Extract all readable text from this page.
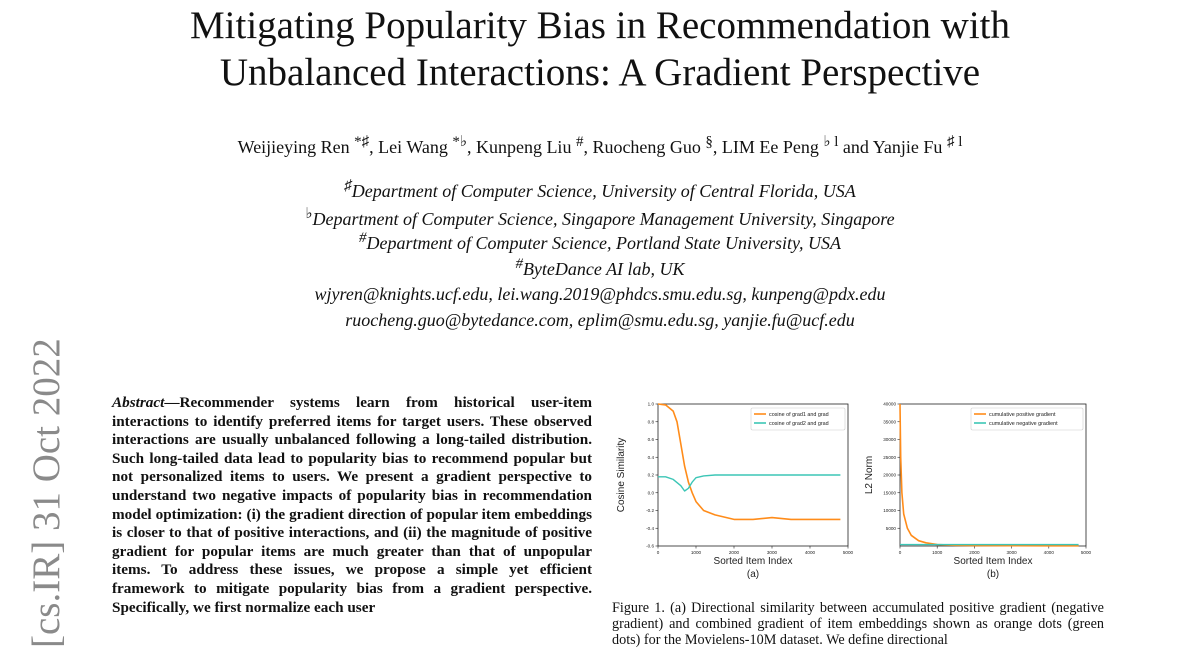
Mitigating Popularity Bias in Recommendation with
Unbalanced Interactions: A Gradient Perspective
Weijieying Ren *♯, Lei Wang *♭, Kunpeng Liu #, Ruocheng Guo §, LIM Ee Peng $^{♭ l}$ and Yanjie Fu $^{♯ l}$
♯Department of Computer Science, University of Central Florida, USA
♭Department of Computer Science, Singapore Management University, Singapore
#Department of Computer Science, Portland State University, USA
#ByteDance AI lab, UK
wjyren@knights.ucf.edu, lei.wang.2019@phdcs.smu.edu.sg, kunpeng@pdx.edu
ruocheng.guo@bytedance.com, eplim@smu.edu.sg, yanjie.fu@ucf.edu
[cs.IR] 31 Oct 2022	Abstract—Recommender systems learn from historical user-item interactions to identify preferred items for target users. These observed interactions are usually unbalanced following a long-tailed distribution. Such long-tailed data lead to popularity bias to recommend popular but not personalized items to users. We present a gradient perspective to understand two negative impacts of popularity bias in recommendation model optimization: (i) the gradient direction of popular item embeddings is closer to that of positive interactions, and (ii) the magnitude of positive gradient for popular items are much greater than that of unpopular items. To address these issues, we propose a simple yet efficient framework to mitigate popularity bias from a gradient perspective. Specifically, we first normalize each user
0	1000	2000	3000	4000	5000
-0.6
-0.4
-0.2
0.0
0.2
0.4
0.6
0.8
1.0
cosine of grad1 and grad
cosine of grad2 and grad
Sorted Item Index
Cosine Similarity
(a)
0	1000	2000	3000	4000	5000
5000
10000
15000
20000
25000
30000
35000
40000
cumulative positive gradient
cumulative negative gradient
Sorted Item Index
L2 Norm
(b)
Figure 1. (a) Directional similarity between accumulated positive gradient (negative gradient) and combined gradient of item embeddings shown as orange dots (green dots) for the Movielens-10M dataset. We define directional
